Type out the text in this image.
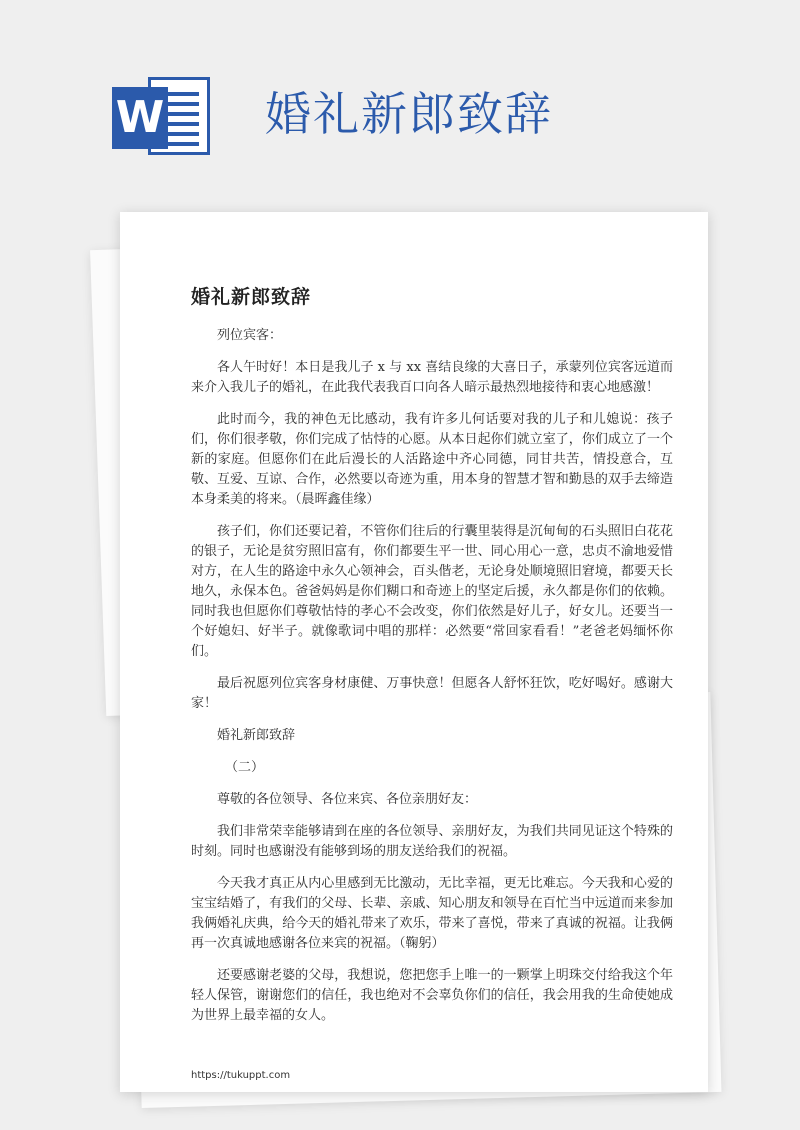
W 婚礼新郎致辞
婚礼新郎致辞

列位宾客：

各人午时好！本日是我儿子 x 与 xx 喜结良缘的大喜日子，承蒙列位宾客远道而来介入我儿子的婚礼，在此我代表我百口向各人暗示最热烈地接待和衷心地感激！

此时而今，我的神色无比感动，我有许多儿何话要对我的儿子和儿媳说：孩子们，你们很孝敬，你们完成了怙恃的心愿。从本日起你们就立室了，你们成立了一个新的家庭。但愿你们在此后漫长的人活路途中齐心同德，同甘共苦，情投意合，互敬、互爱、互谅、合作，必然要以奇迹为重，用本身的智慧才智和勤恳的双手去缔造本身柔美的将来。（晨晖鑫佳缘）

孩子们，你们还要记着，不管你们往后的行囊里装得是沉甸甸的石头照旧白花花的银子，无论是贫穷照旧富有，你们都要生平一世、同心用心一意，忠贞不渝地爱惜对方，在人生的路途中永久心领神会，百头偕老，无论身处顺境照旧窘境，都要天长地久，永保本色。爸爸妈妈是你们糊口和奇迹上的坚定后援，永久都是你们的依赖。同时我也但愿你们尊敬怙恃的孝心不会改变，你们依然是好儿子，好女儿。还要当一个好媳妇、好半子。就像歌词中唱的那样：必然要“常回家看看！”老爸老妈缅怀你们。

最后祝愿列位宾客身材康健、万事快意！但愿各人舒怀狂饮，吃好喝好。感谢大家！

婚礼新郎致辞

（二）

尊敬的各位领导、各位来宾、各位亲朋好友：

我们非常荣幸能够请到在座的各位领导、亲朋好友，为我们共同见证这个特殊的时刻。同时也感谢没有能够到场的朋友送给我们的祝福。

今天我才真正从内心里感到无比激动，无比幸福，更无比难忘。今天我和心爱的宝宝结婚了，有我们的父母、长辈、亲戚、知心朋友和领导在百忙当中远道而来参加我俩婚礼庆典，给今天的婚礼带来了欢乐，带来了喜悦，带来了真诚的祝福。让我俩再一次真诚地感谢各位来宾的祝福。（鞠躬）

还要感谢老婆的父母，我想说，您把您手上唯一的一颗掌上明珠交付给我这个年轻人保管，谢谢您们的信任，我也绝对不会辜负你们的信任，我会用我的生命使她成为世界上最幸福的女人。

https://tukuppt.com
